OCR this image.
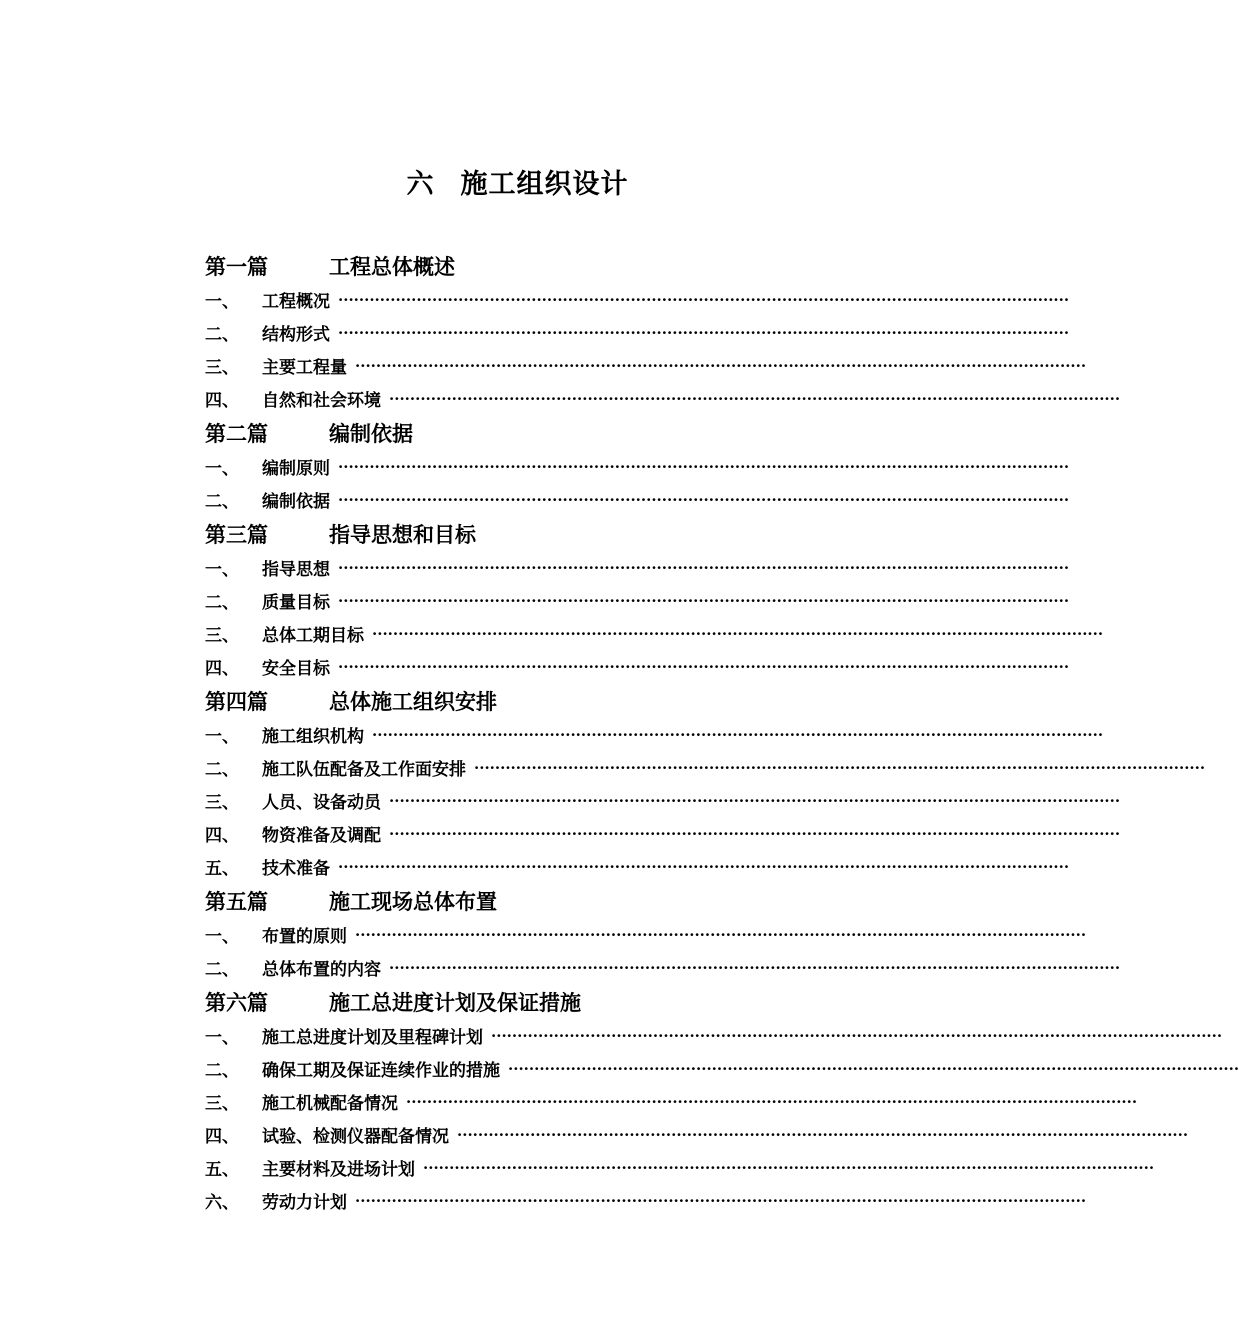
六 施工组织设计
第一篇	工程总体概述
一、	工程概况 ············································································································································
二、	结构形式 ············································································································································
三、	主要工程量 ············································································································································
四、	自然和社会环境 ············································································································································
第二篇	编制依据
一、	编制原则 ············································································································································
二、	编制依据 ············································································································································
第三篇	指导思想和目标
一、	指导思想 ············································································································································
二、	质量目标 ············································································································································
三、	总体工期目标 ············································································································································
四、	安全目标 ············································································································································
第四篇	总体施工组织安排
一、	施工组织机构 ············································································································································
二、	施工队伍配备及工作面安排 ············································································································································
三、	人员、设备动员 ············································································································································
四、	物资准备及调配 ············································································································································
五、	技术准备 ············································································································································
第五篇	施工现场总体布置
一、	布置的原则 ············································································································································
二、	总体布置的内容 ············································································································································
第六篇	施工总进度计划及保证措施
一、	施工总进度计划及里程碑计划 ············································································································································
二、	确保工期及保证连续作业的措施 ············································································································································
三、	施工机械配备情况 ············································································································································
四、	试验、检测仪器配备情况 ············································································································································
五、	主要材料及进场计划 ············································································································································
六、	劳动力计划 ············································································································································
